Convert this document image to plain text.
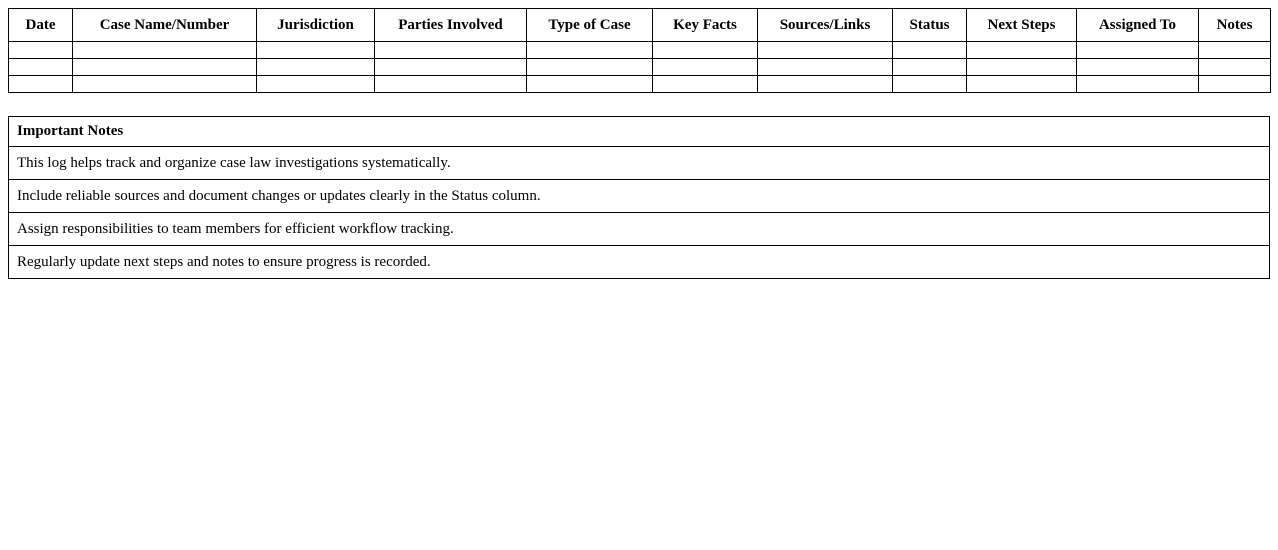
Date	Case Name/Number	Jurisdiction	Parties Involved	Type of Case	Key Facts	Sources/Links	Status	Next Steps	Assigned To	Notes

Important Notes
This log helps track and organize case law investigations systematically.
Include reliable sources and document changes or updates clearly in the Status column.
Assign responsibilities to team members for efficient workflow tracking.
Regularly update next steps and notes to ensure progress is recorded.
